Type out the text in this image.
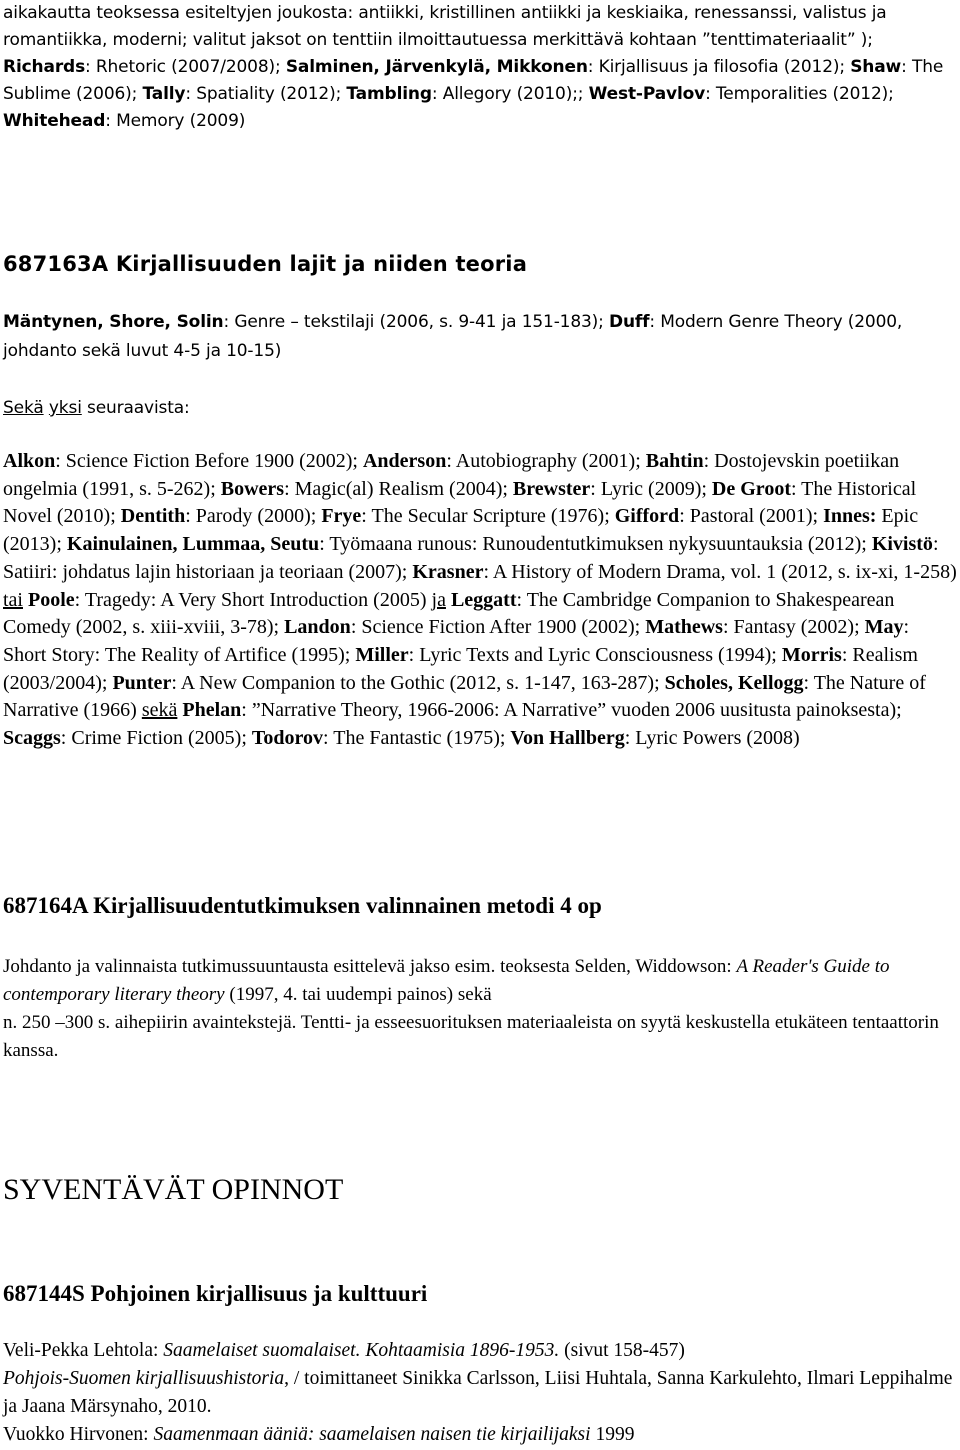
aikakautta teoksessa esiteltyjen joukosta: antiikki, kristillinen antiikki ja keskiaika, renessanssi, valistus ja romantiikka, moderni; valitut jaksot on tenttiin ilmoittautuessa merkittävä kohtaan ”tenttimateriaalit” ); Richards: Rhetoric (2007/2008); Salminen, Järvenkylä, Mikkonen: Kirjallisuus ja filosofia (2012); Shaw: The Sublime (2006); Tally: Spatiality (2012); Tambling: Allegory (2010);; West-Pavlov: Temporalities (2012); Whitehead: Memory (2009)

687163A Kirjallisuuden lajit ja niiden teoria

Mäntynen, Shore, Solin: Genre – tekstilaji (2006, s. 9-41 ja 151-183); Duff: Modern Genre Theory (2000, johdanto sekä luvut 4-5 ja 10-15)

Sekä yksi seuraavista:

Alkon: Science Fiction Before 1900 (2002); Anderson: Autobiography (2001); Bahtin: Dostojevskin poetiikan ongelmia (1991, s. 5-262); Bowers: Magic(al) Realism (2004); Brewster: Lyric (2009); De Groot: The Historical Novel (2010); Dentith: Parody (2000); Frye: The Secular Scripture (1976); Gifford: Pastoral (2001); Innes: Epic (2013); Kainulainen, Lummaa, Seutu: Työmaana runous: Runoudentutkimuksen nykysuuntauksia (2012); Kivistö: Satiiri: johdatus lajin historiaan ja teoriaan (2007); Krasner: A History of Modern Drama, vol. 1 (2012, s. ix-xi, 1-258) tai Poole: Tragedy: A Very Short Introduction (2005) ja Leggatt: The Cambridge Companion to Shakespearean Comedy (2002, s. xiii-xviii, 3-78); Landon: Science Fiction After 1900 (2002); Mathews: Fantasy (2002); May: Short Story: The Reality of Artifice (1995); Miller: Lyric Texts and Lyric Consciousness (1994); Morris: Realism (2003/2004); Punter: A New Companion to the Gothic (2012, s. 1-147, 163-287); Scholes, Kellogg: The Nature of Narrative (1966) sekä Phelan: ”Narrative Theory, 1966-2006: A Narrative” vuoden 2006 uusitusta painoksesta); Scaggs: Crime Fiction (2005); Todorov: The Fantastic (1975); Von Hallberg: Lyric Powers (2008)

687164A Kirjallisuudentutkimuksen valinnainen metodi 4 op

Johdanto ja valinnaista tutkimussuuntausta esittelevä jakso esim. teoksesta Selden, Widdowson: A Reader's Guide to contemporary literary theory (1997, 4. tai uudempi painos) sekä
n. 250 –300 s. aihepiirin avaintekstejä. Tentti- ja esseesuorituksen materiaaleista on syytä keskustella etukäteen tentaattorin kanssa.

SYVENTÄVÄT OPINNOT
687144S Pohjoinen kirjallisuus ja kulttuuri
Veli-Pekka Lehtola: Saamelaiset suomalaiset. Kohtaamisia 1896-1953. (sivut 158-457)
Pohjois-Suomen kirjallisuushistoria, / toimittaneet Sinikka Carlsson, Liisi Huhtala, Sanna Karkulehto, Ilmari Leppihalme ja Jaana Märsynaho, 2010.
Vuokko Hirvonen: Saamenmaan ääniä: saamelaisen naisen tie kirjailijaksi 1999
